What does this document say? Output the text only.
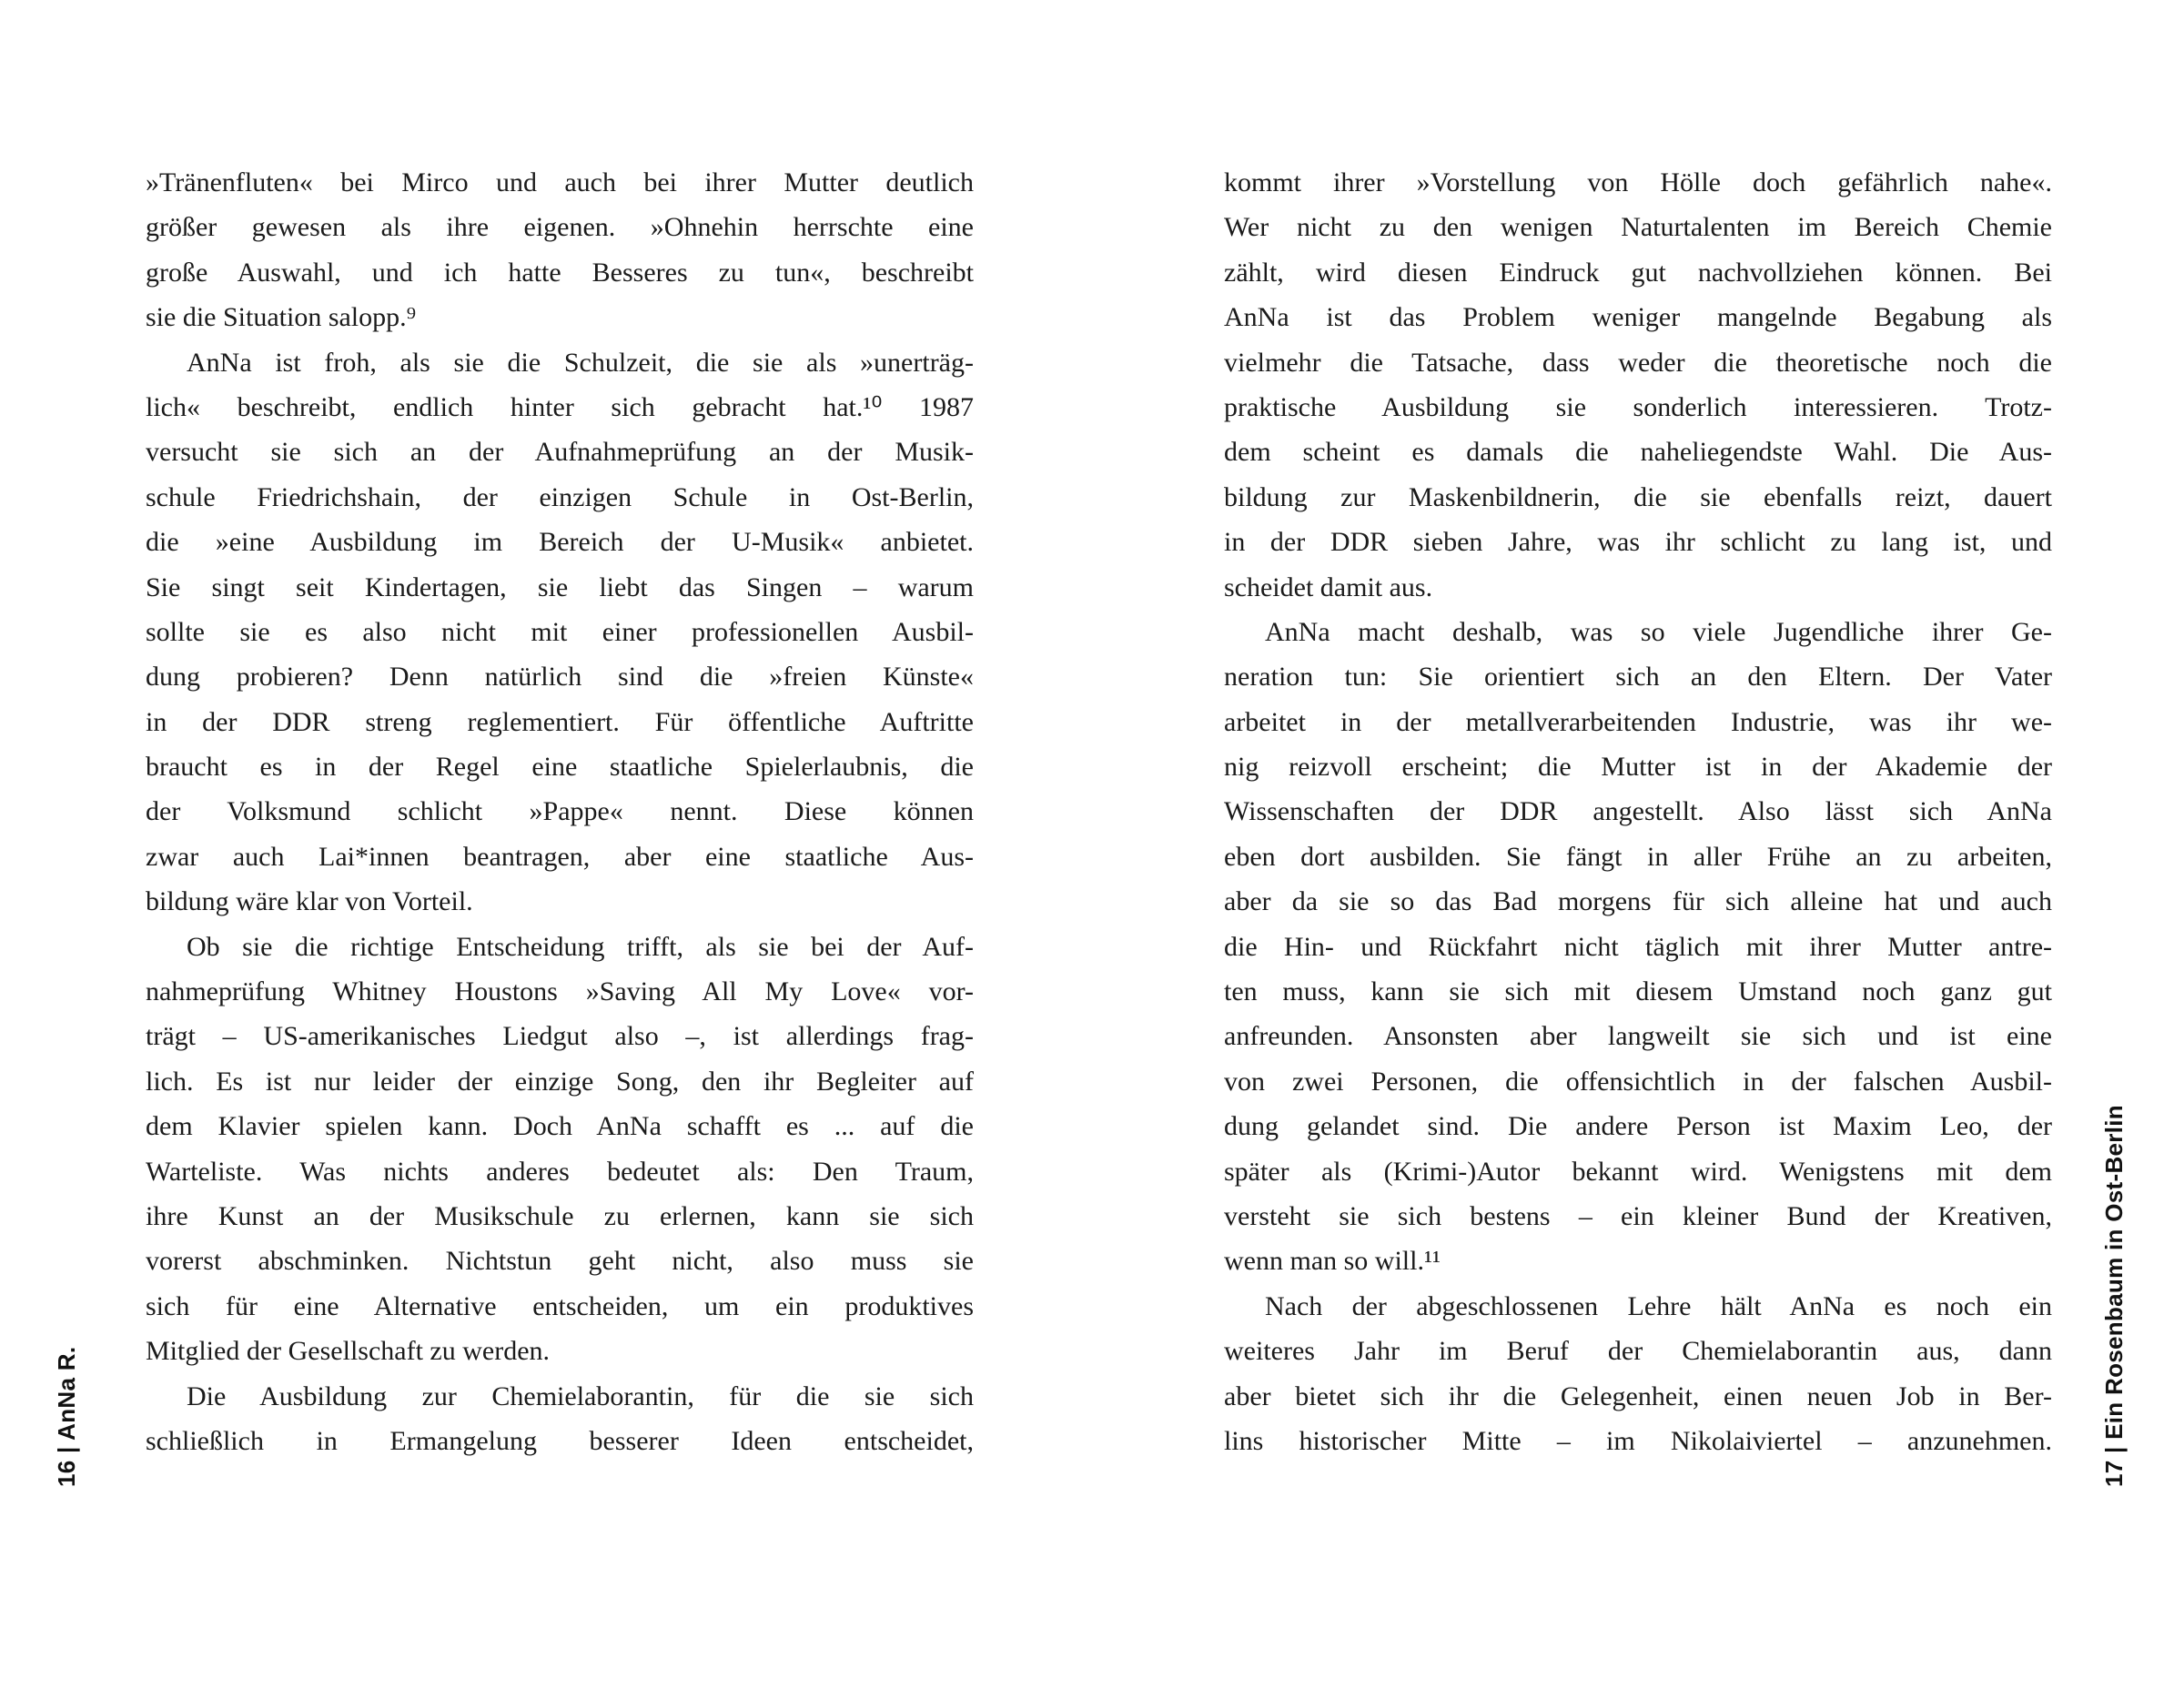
»Tränenfluten« bei Mirco und auch bei ihrer Mutter deutlich
größer gewesen als ihre eigenen. »Ohnehin herrschte eine
große Auswahl, und ich hatte Besseres zu tun«, beschreibt
sie die Situation salopp.⁹
AnNa ist froh, als sie die Schulzeit, die sie als »unerträg-
lich« beschreibt, endlich hinter sich gebracht hat.¹⁰ 1987
versucht sie sich an der Aufnahmeprüfung an der Musik-
schule Friedrichshain, der einzigen Schule in Ost-Berlin,
die »eine Ausbildung im Bereich der U-Musik« anbietet.
Sie singt seit Kindertagen, sie liebt das Singen – warum
sollte sie es also nicht mit einer professionellen Ausbil-
dung probieren? Denn natürlich sind die »freien Künste«
in der DDR streng reglementiert. Für öffentliche Auftritte
braucht es in der Regel eine staatliche Spielerlaubnis, die
der Volksmund schlicht »Pappe« nennt. Diese können
zwar auch Lai*innen beantragen, aber eine staatliche Aus-
bildung wäre klar von Vorteil.
Ob sie die richtige Entscheidung trifft, als sie bei der Auf-
nahmeprüfung Whitney Houstons »Saving All My Love« vor-
trägt – US-amerikanisches Liedgut also –, ist allerdings frag-
lich. Es ist nur leider der einzige Song, den ihr Begleiter auf
dem Klavier spielen kann. Doch AnNa schafft es ... auf die
Warteliste. Was nichts anderes bedeutet als: Den Traum,
ihre Kunst an der Musikschule zu erlernen, kann sie sich
vorerst abschminken. Nichtstun geht nicht, also muss sie
sich für eine Alternative entscheiden, um ein produktives
Mitglied der Gesellschaft zu werden.
Die Ausbildung zur Chemielaborantin, für die sie sich
schließlich in Ermangelung besserer Ideen entscheidet,
16 | AnNa R.
kommt ihrer »Vorstellung von Hölle doch gefährlich nahe«.
Wer nicht zu den wenigen Naturtalenten im Bereich Chemie
zählt, wird diesen Eindruck gut nachvollziehen können. Bei
AnNa ist das Problem weniger mangelnde Begabung als
vielmehr die Tatsache, dass weder die theoretische noch die
praktische Ausbildung sie sonderlich interessieren. Trotz-
dem scheint es damals die naheliegendste Wahl. Die Aus-
bildung zur Maskenbildnerin, die sie ebenfalls reizt, dauert
in der DDR sieben Jahre, was ihr schlicht zu lang ist, und
scheidet damit aus.
AnNa macht deshalb, was so viele Jugendliche ihrer Ge-
neration tun: Sie orientiert sich an den Eltern. Der Vater
arbeitet in der metallverarbeitenden Industrie, was ihr we-
nig reizvoll erscheint; die Mutter ist in der Akademie der
Wissenschaften der DDR angestellt. Also lässt sich AnNa
eben dort ausbilden. Sie fängt in aller Frühe an zu arbeiten,
aber da sie so das Bad morgens für sich alleine hat und auch
die Hin- und Rückfahrt nicht täglich mit ihrer Mutter antre-
ten muss, kann sie sich mit diesem Umstand noch ganz gut
anfreunden. Ansonsten aber langweilt sie sich und ist eine
von zwei Personen, die offensichtlich in der falschen Ausbil-
dung gelandet sind. Die andere Person ist Maxim Leo, der
später als (Krimi-)Autor bekannt wird. Wenigstens mit dem
versteht sie sich bestens – ein kleiner Bund der Kreativen,
wenn man so will.¹¹
Nach der abgeschlossenen Lehre hält AnNa es noch ein
weiteres Jahr im Beruf der Chemielaborantin aus, dann
aber bietet sich ihr die Gelegenheit, einen neuen Job in Ber-
lins historischer Mitte – im Nikolaiviertel – anzunehmen. 17 | Ein Rosenbaum in Ost-Berlin
